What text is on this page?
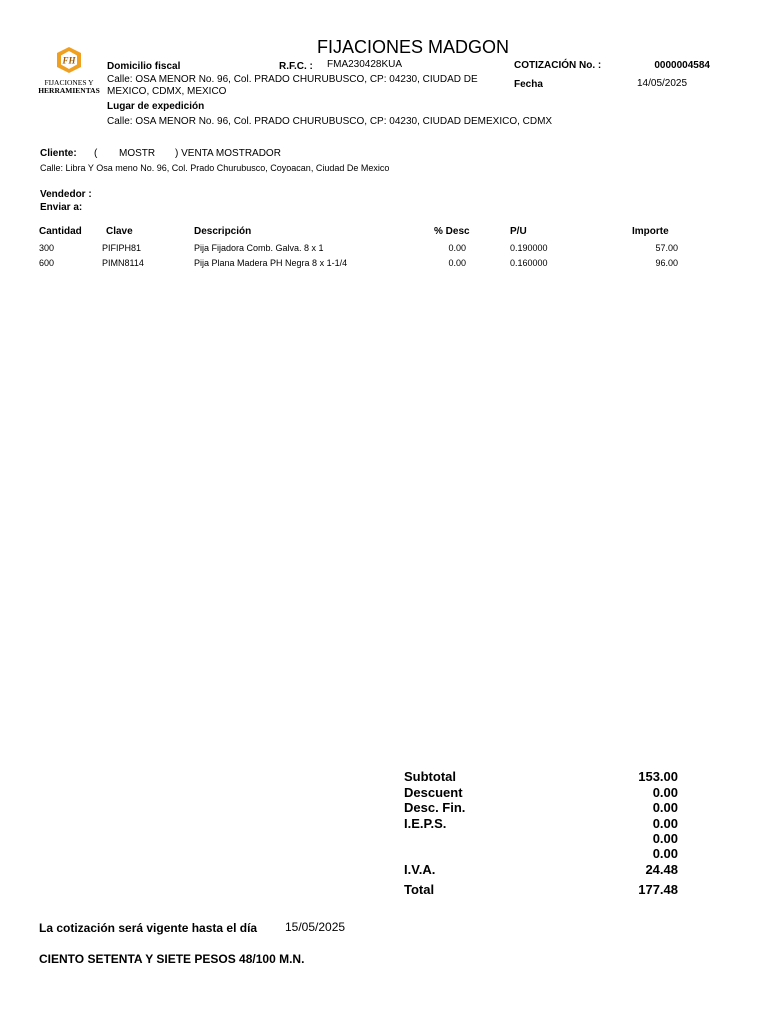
FH
FIJACIONES Y
HERRAMIENTAS
FIJACIONES MADGON
Domicilio fiscal	R.F.C. : FMA230428KUA	COTIZACIÓN No. :	0000004584
Calle: OSA MENOR No. 96, Col. PRADO CHURUBUSCO, CP: 04230, CIUDAD DE
MEXICO, CDMX, MEXICO
Fecha	14/05/2025
Lugar de expedición
Calle: OSA MENOR No. 96, Col. PRADO CHURUBUSCO, CP: 04230, CIUDAD DEMEXICO, CDMX
Cliente: ( MOSTR ) VENTA MOSTRADOR
Calle: Libra Y Osa meno No. 96, Col. Prado Churubusco, Coyoacan, Ciudad De Mexico
Vendedor :
Enviar a:
Cantidad Clave	Descripción	% Desc	P/U	Importe
300	PIFIPH81	Pija Fijadora Comb. Galva. 8 x 1	0.00	0.190000	57.00
600	PIMN8114	Pija Plana Madera PH Negra 8 x 1-1/4	0.00	0.160000	96.00
Subtotal	153.00
Descuent	0.00
Desc. Fin.	0.00
I.E.P.S.	0.00
0.00
0.00
I.V.A.	24.48
Total	177.48
La cotización será vigente hasta el día 15/05/2025
CIENTO SETENTA Y SIETE PESOS 48/100 M.N.
